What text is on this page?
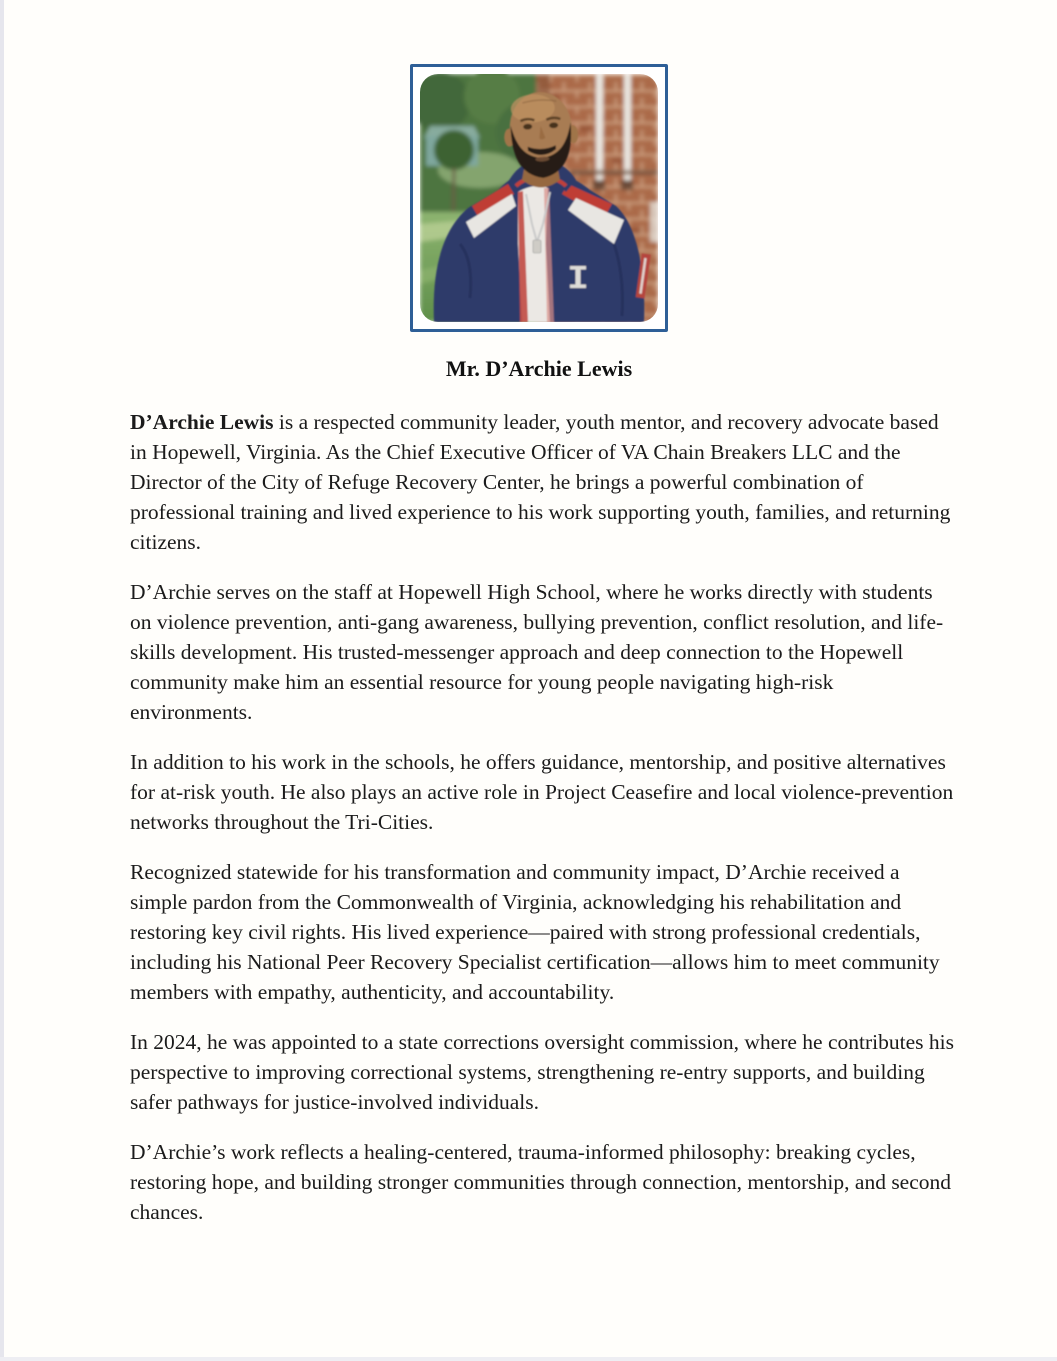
Mr. D’Archie Lewis

D’Archie Lewis is a respected community leader, youth mentor, and recovery advocate based in Hopewell, Virginia. As the Chief Executive Officer of VA Chain Breakers LLC and the Director of the City of Refuge Recovery Center, he brings a powerful combination of professional training and lived experience to his work supporting youth, families, and returning citizens.

D’Archie serves on the staff at Hopewell High School, where he works directly with students on violence prevention, anti-gang awareness, bullying prevention, conflict resolution, and life-skills development. His trusted-messenger approach and deep connection to the Hopewell community make him an essential resource for young people navigating high-risk environments.

In addition to his work in the schools, he offers guidance, mentorship, and positive alternatives for at-risk youth. He also plays an active role in Project Ceasefire and local violence-prevention networks throughout the Tri-Cities.

Recognized statewide for his transformation and community impact, D’Archie received a simple pardon from the Commonwealth of Virginia, acknowledging his rehabilitation and restoring key civil rights. His lived experience—paired with strong professional credentials, including his National Peer Recovery Specialist certification—allows him to meet community members with empathy, authenticity, and accountability.

In 2024, he was appointed to a state corrections oversight commission, where he contributes his perspective to improving correctional systems, strengthening re-entry supports, and building safer pathways for justice-involved individuals.

D’Archie’s work reflects a healing-centered, trauma-informed philosophy: breaking cycles, restoring hope, and building stronger communities through connection, mentorship, and second chances.
